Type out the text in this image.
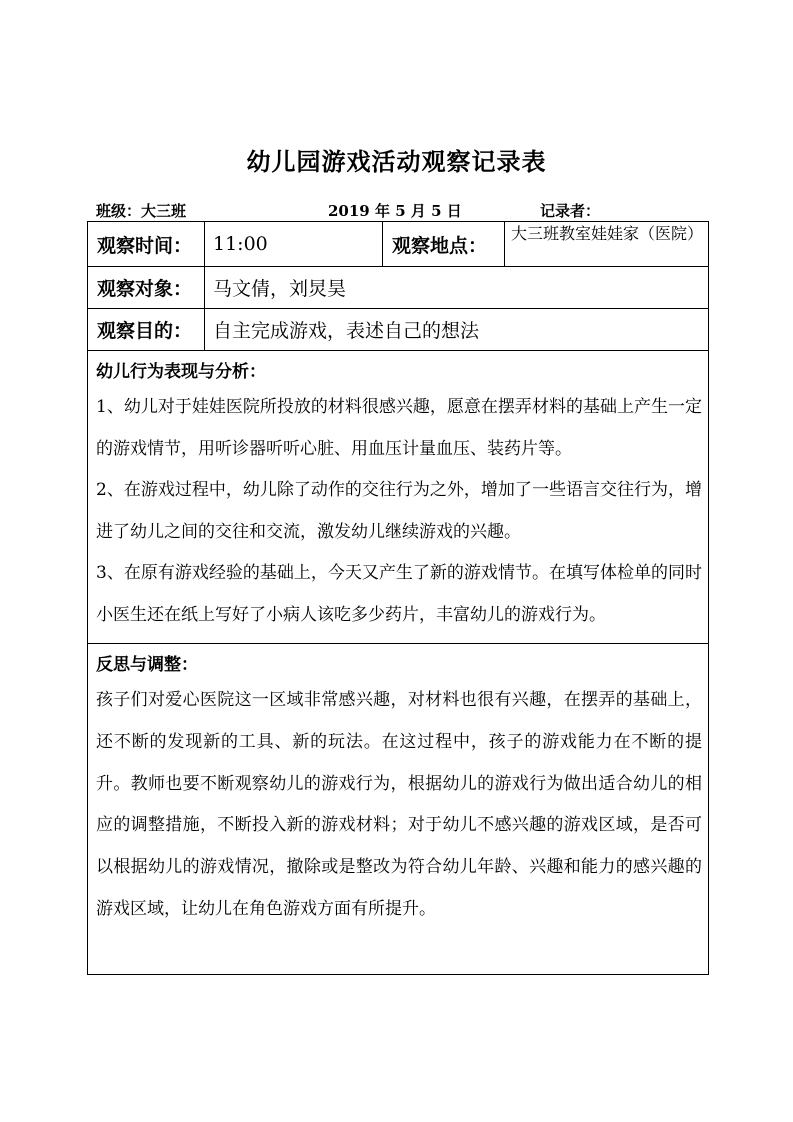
幼儿园游戏活动观察记录表
班级：大三班	2019 年 5 月 5 日	记录者：
观察时间：	11:00	观察地点：	大三班教室娃娃家（医院）
观察对象：	马文倩，刘炅昊		
观察目的：	自主完成游戏，表述自己的想法		

幼儿行为表现与分析：
1、幼儿对于娃娃医院所投放的材料很感兴趣，愿意在摆弄材料的基础上产生一定的游戏情节，用听诊器听听心脏、用血压计量血压、装药片等。
2、在游戏过程中，幼儿除了动作的交往行为之外，增加了一些语言交往行为，增进了幼儿之间的交往和交流，激发幼儿继续游戏的兴趣。
3、在原有游戏经验的基础上，今天又产生了新的游戏情节。在填写体检单的同时小医生还在纸上写好了小病人该吃多少药片，丰富幼儿的游戏行为。			

反思与调整：
孩子们对爱心医院这一区域非常感兴趣，对材料也很有兴趣，在摆弄的基础上，还不断的发现新的工具、新的玩法。在这过程中，孩子的游戏能力在不断的提升。教师也要不断观察幼儿的游戏行为，根据幼儿的游戏行为做出适合幼儿的相应的调整措施，不断投入新的游戏材料；对于幼儿不感兴趣的游戏区域，是否可以根据幼儿的游戏情况，撤除或是整改为符合幼儿年龄、兴趣和能力的感兴趣的游戏区域，让幼儿在角色游戏方面有所提升。			
